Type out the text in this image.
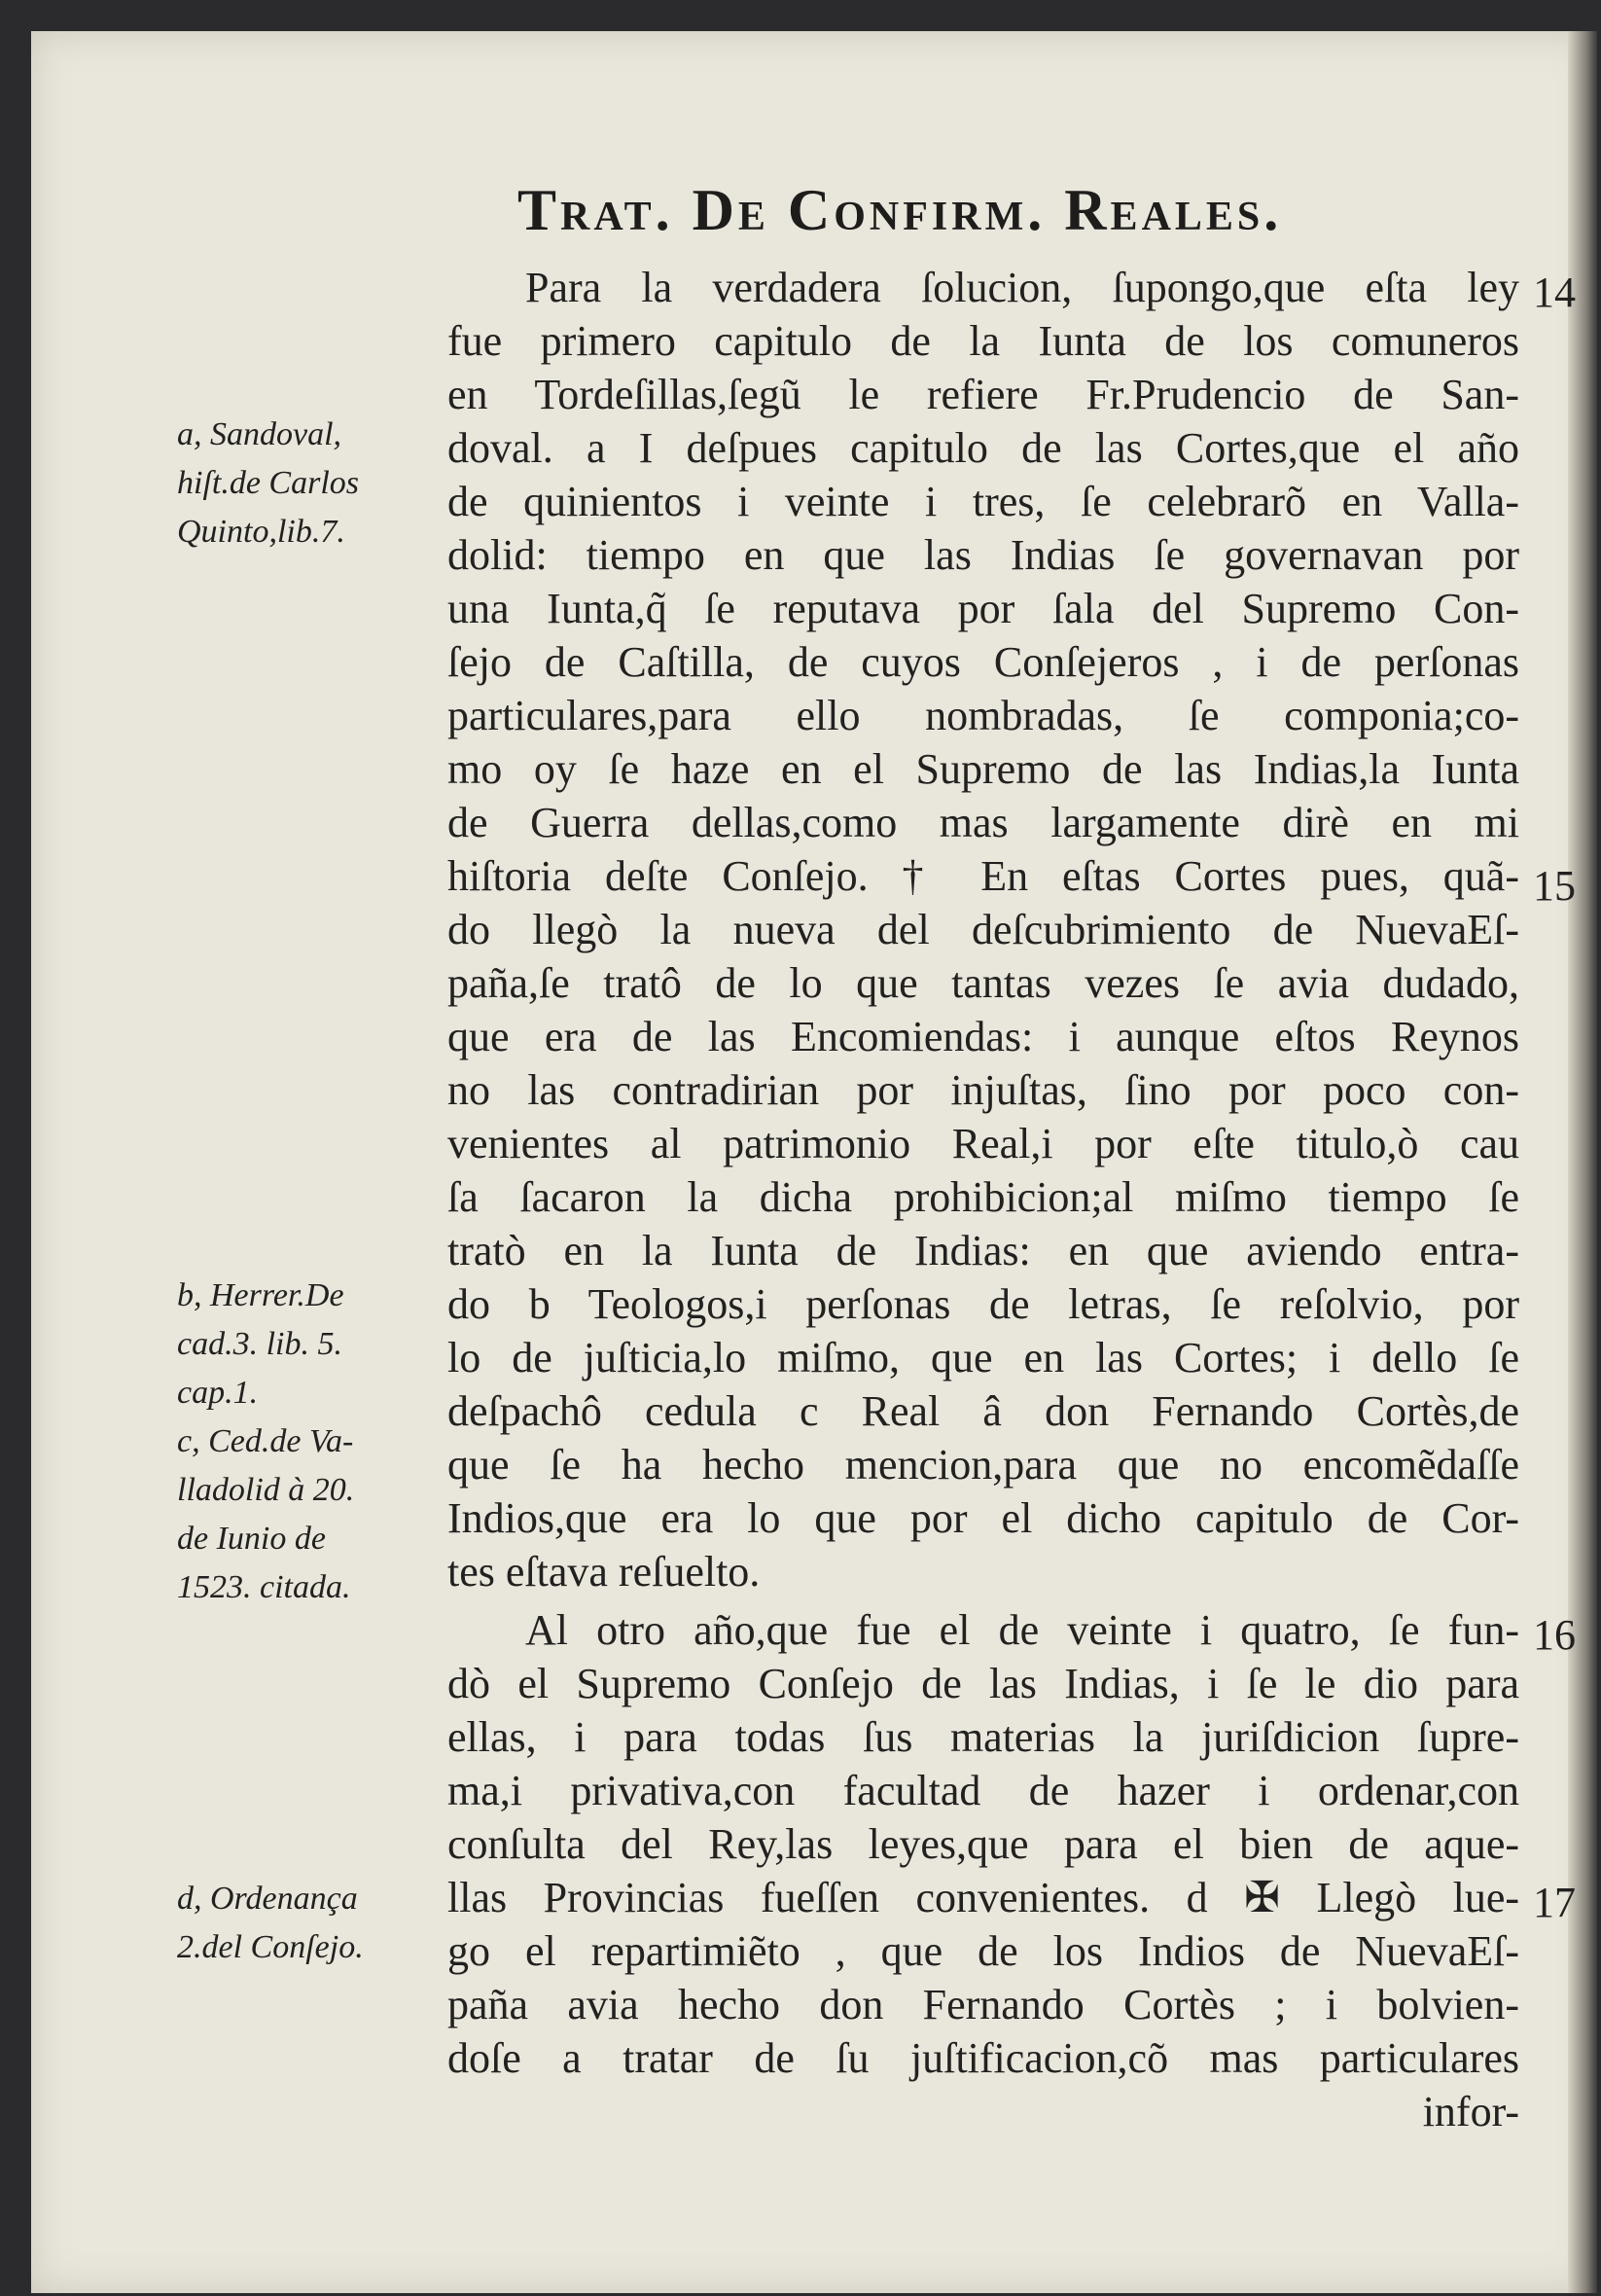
Trat. De Confirm. Reales.
Para la verdadera ſolucion, ſupongo,que eſta ley
fue primero capitulo de la Iunta de los comuneros
en Tordeſillas,ſegũ le refiere Fr.Prudencio de San-
doval. a I deſpues capitulo de las Cortes,que el año
de quinientos i veinte i tres, ſe celebrarõ en Valla-
dolid: tiempo en que las Indias ſe governavan por
una Iunta,q̃ ſe reputava por ſala del Supremo Con-
ſejo de Caſtilla, de cuyos Conſejeros , i de perſonas
particulares,para ello nombradas, ſe componia;co-
mo oy ſe haze en el Supremo de las Indias,la Iunta
de Guerra dellas,como mas largamente dirè en mi
hiſtoria deſte Conſejo. † En eſtas Cortes pues, quã-
do llegò la nueva del deſcubrimiento de NuevaEſ-
paña,ſe tratô de lo que tantas vezes ſe avia dudado,
que era de las Encomiendas: i aunque eſtos Reynos
no las contradirian por injuſtas, ſino por poco con-
venientes al patrimonio Real,i por eſte titulo,ò cau
ſa ſacaron la dicha prohibicion;al miſmo tiempo ſe
tratò en la Iunta de Indias: en que aviendo entra-
do b Teologos,i perſonas de letras, ſe reſolvio, por
lo de juſticia,lo miſmo, que en las Cortes; i dello ſe
deſpachô cedula c Real â don Fernando Cortès,de
que ſe ha hecho mencion,para que no encomẽdaſſe
Indios,que era lo que por el dicho capitulo de Cor-
tes eſtava reſuelto.
Al otro año,que fue el de veinte i quatro, ſe fun-
dò el Supremo Conſejo de las Indias, i ſe le dio para
ellas, i para todas ſus materias la juriſdicion ſupre-
ma,i privativa,con facultad de hazer i ordenar,con
conſulta del Rey,las leyes,que para el bien de aque-
llas Provincias fueſſen convenientes. d ✠ Llegò lue-
go el repartimiẽto , que de los Indios de NuevaEſ-
paña avia hecho don Fernando Cortès ; i bolvien-
doſe a tratar de ſu juſtificacion,cõ mas particulares
infor-
a, Sandoval,
hiſt.de Carlos
Quinto,lib.7.
b, Herrer.De
cad.3. lib. 5.
cap.1.
c, Ced.de Va-
lladolid à 20.
de Iunio de
1523. citada.
d, Ordenança
2.del Conſejo.
14
15
16
17
